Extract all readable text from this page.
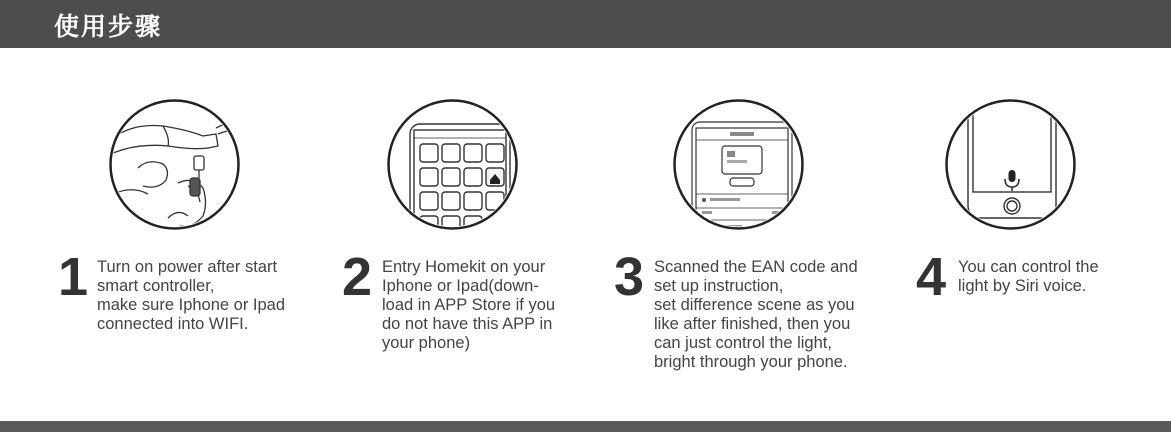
使用步骤
1 Turn on power after start
smart controller,
make sure Iphone or Ipad
connected into WIFI.
2 Entry Homekit on your
Iphone or Ipad(down-
load in APP Store if you
do not have this APP in
your phone)
3 Scanned the EAN code and
set up instruction,
set difference scene as you
like after finished, then you
can just control the light,
bright through your phone.
4 You can control the
light by Siri voice.
